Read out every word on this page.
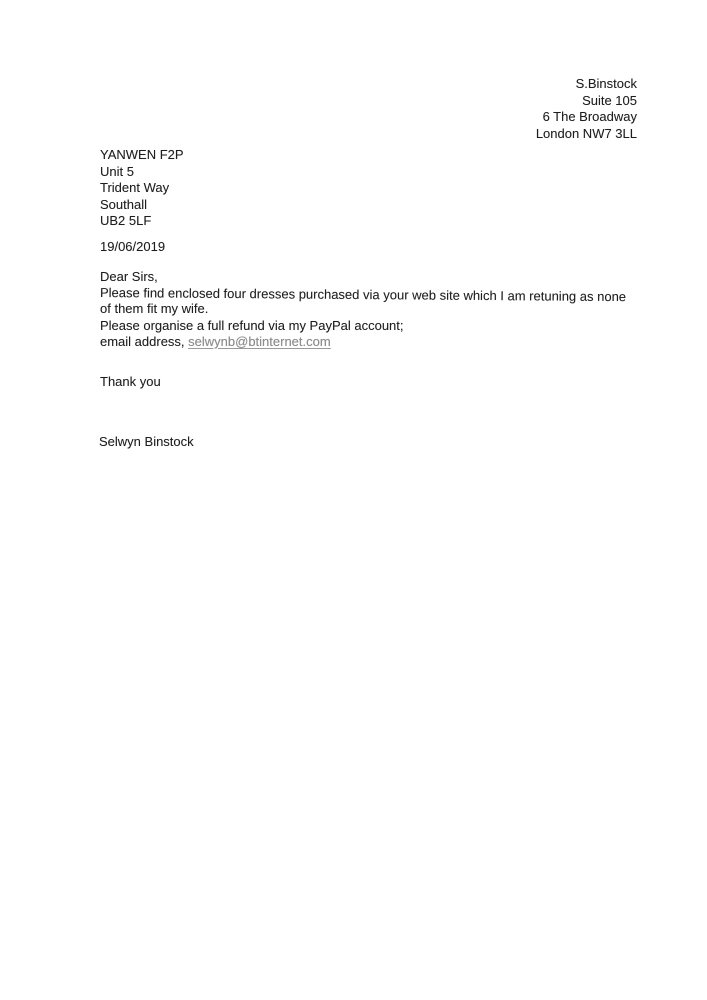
S.Binstock
Suite 105
6 The Broadway
London NW7 3LL
YANWEN F2P
Unit 5
Trident Way
Southall
UB2 5LF
19/06/2019
Dear Sirs,
Please find enclosed four dresses purchased via your web site which I am retuning as none
of them fit my wife.
Please organise a full refund via my PayPal account;
email address, selwynb@btinternet.com
Thank you
Selwyn Binstock
